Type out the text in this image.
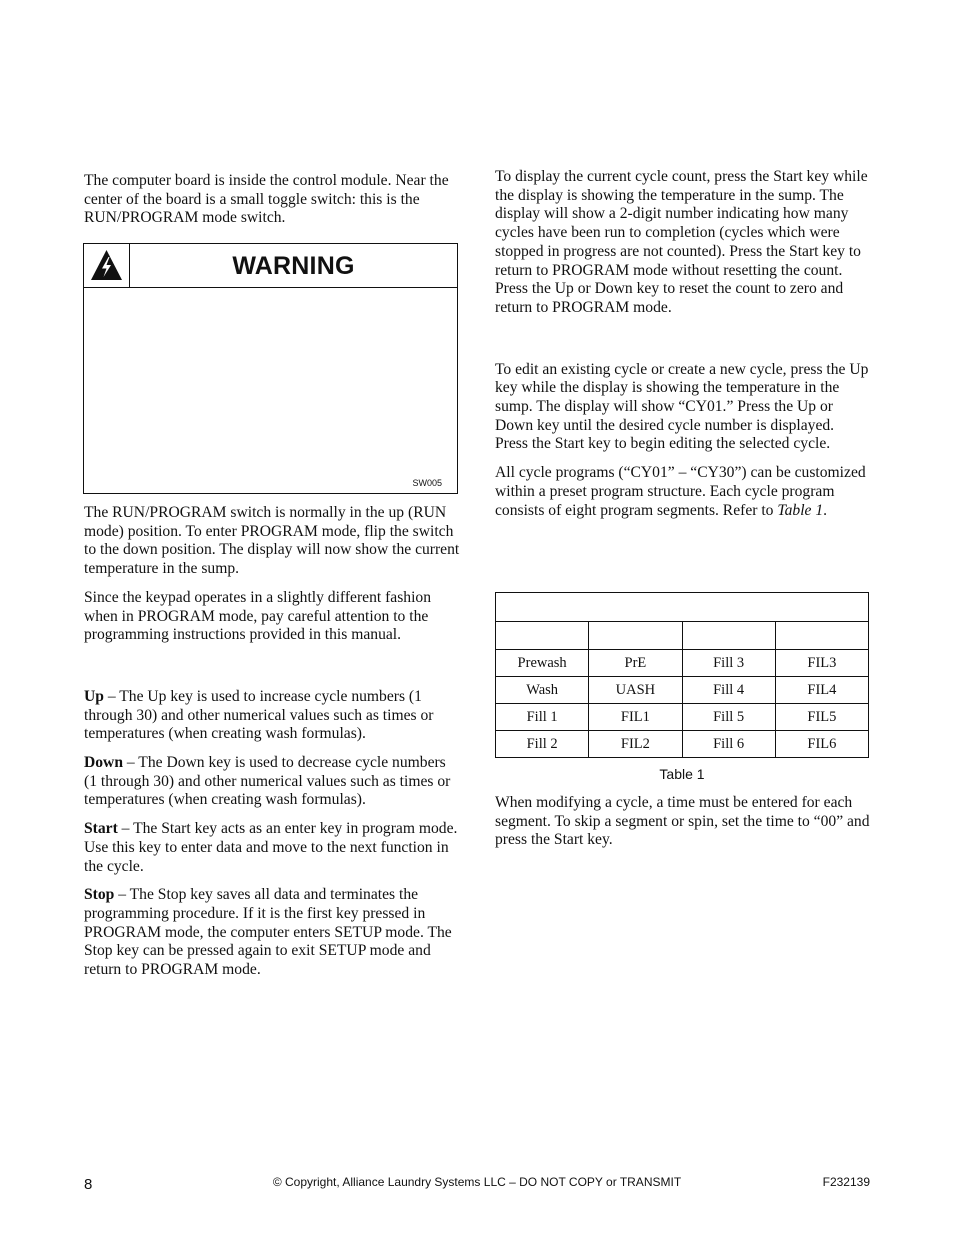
The computer board is inside the control module. Near the center of the board is a small toggle switch: this is the RUN/PROGRAM mode switch.

WARNING
SW005

The RUN/PROGRAM switch is normally in the up (RUN mode) position. To enter PROGRAM mode, flip the switch to the down position. The display will now show the current temperature in the sump.

Since the keypad operates in a slightly different fashion when in PROGRAM mode, pay careful attention to the programming instructions provided in this manual.

Up – The Up key is used to increase cycle numbers (1 through 30) and other numerical values such as times or temperatures (when creating wash formulas).

Down – The Down key is used to decrease cycle numbers (1 through 30) and other numerical values such as times or temperatures (when creating wash formulas).

Start – The Start key acts as an enter key in program mode. Use this key to enter data and move to the next function in the cycle.

Stop – The Stop key saves all data and terminates the programming procedure. If it is the first key pressed in PROGRAM mode, the computer enters SETUP mode. The Stop key can be pressed again to exit SETUP mode and return to PROGRAM mode.

To display the current cycle count, press the Start key while the display is showing the temperature in the sump. The display will show a 2-digit number indicating how many cycles have been run to completion (cycles which were stopped in progress are not counted). Press the Start key to return to PROGRAM mode without resetting the count. Press the Up or Down key to reset the count to zero and return to PROGRAM mode.

To edit an existing cycle or create a new cycle, press the Up key while the display is showing the temperature in the sump. The display will show “CY01.” Press the Up or Down key until the desired cycle number is displayed. Press the Start key to begin editing the selected cycle.

All cycle programs (“CY01” – “CY30”) can be customized within a preset program structure. Each cycle program consists of eight program segments. Refer to Table 1.

Prewash	PrE	Fill 3	FIL3
Wash	UASH	Fill 4	FIL4
Fill 1	FIL1	Fill 5	FIL5
Fill 2	FIL2	Fill 6	FIL6
Table 1

When modifying a cycle, a time must be entered for each segment. To skip a segment or spin, set the time to “00” and press the Start key.

8	© Copyright, Alliance Laundry Systems LLC – DO NOT COPY or TRANSMIT	F232139
